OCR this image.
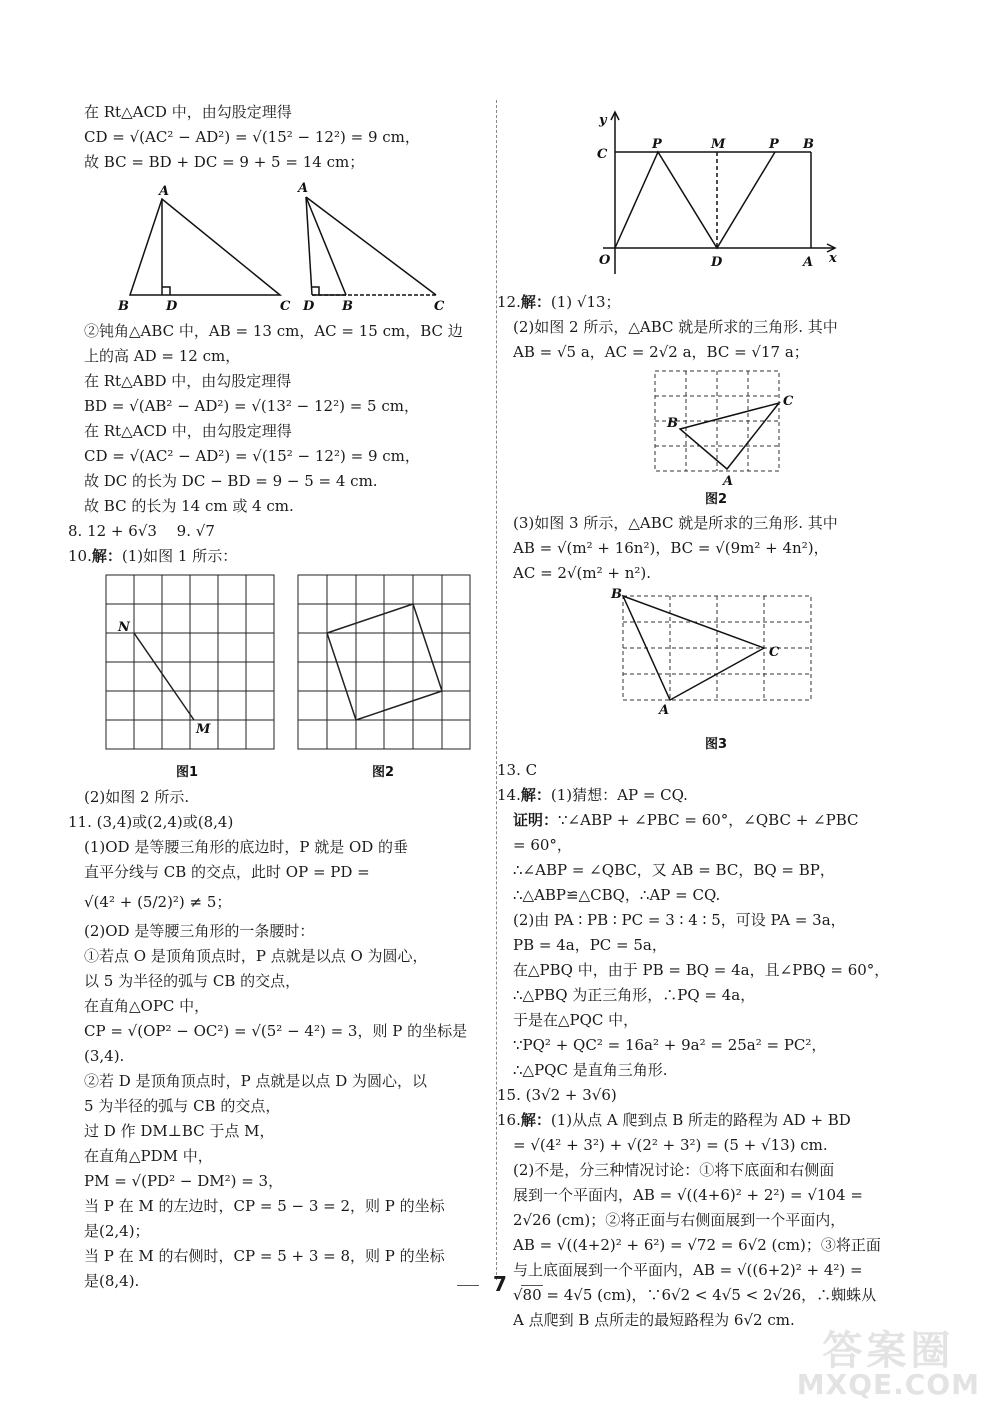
在 Rt△ACD 中，由勾股定理得
CD = √(AC² − AD²) = √(15² − 12²) = 9 cm，
故 BC = BD + DC = 9 + 5 = 14 cm；
A
B	D	C
A
D B	C
②钝角△ABC 中，AB = 13 cm，AC = 15 cm，BC 边
上的高 AD = 12 cm，
在 Rt△ABD 中，由勾股定理得
BD = √(AB² − AD²) = √(13² − 12²) = 5 cm，
在 Rt△ACD 中，由勾股定理得
CD = √(AC² − AD²) = √(15² − 12²) = 9 cm，
故 DC 的长为 DC − BD = 9 − 5 = 4 cm.
故 BC 的长为 14 cm 或 4 cm.
8. 12 + 6√3　 9. √7
10.解：(1)如图 1 所示：
N
M
图1	图2
(2)如图 2 所示.
11. (3,4)或(2,4)或(8,4)
(1)OD 是等腰三角形的底边时，P 就是 OD 的垂
直平分线与 CB 的交点，此时 OP = PD =
√(4² + (5/2)²) ≠ 5；
(2)OD 是等腰三角形的一条腰时：
①若点 O 是顶角顶点时，P 点就是以点 O 为圆心，
以 5 为半径的弧与 CB 的交点，
在直角△OPC 中，
CP = √(OP² − OC²) = √(5² − 4²) = 3，则 P 的坐标是
(3,4).
②若 D 是顶角顶点时，P 点就是以点 D 为圆心，以
5 为半径的弧与 CB 的交点，
过 D 作 DM⊥BC 于点 M，
在直角△PDM 中，
PM = √(PD² − DM²) = 3，
当 P 在 M 的左边时，CP = 5 − 3 = 2，则 P 的坐标
是(2,4)；
当 P 在 M 的右侧时，CP = 5 + 3 = 8，则 P 的坐标
是(8,4).
y
x
C
P	M	P B
O	D	A
12.解：(1) √13；
(2)如图 2 所示，△ABC 就是所求的三角形. 其中
AB = √5 a，AC = 2√2 a，BC = √17 a；
B
C
A
图2
(3)如图 3 所示，△ABC 就是所求的三角形. 其中
AB = √(m² + 16n²)，BC = √(9m² + 4n²)，
AC = 2√(m² + n²).
B
C
A
图3
13. C
14.解：(1)猜想：AP = CQ.
证明：∵∠ABP + ∠PBC = 60°，∠QBC + ∠PBC
= 60°，
∴∠ABP = ∠QBC，又 AB = BC，BQ = BP，
∴△ABP≌△CBQ，∴AP = CQ.
(2)由 PA ∶ PB ∶ PC = 3 ∶ 4 ∶ 5，可设 PA = 3a，
PB = 4a，PC = 5a，
在△PBQ 中，由于 PB = BQ = 4a，且∠PBQ = 60°，
∴△PBQ 为正三角形，∴PQ = 4a，
于是在△PQC 中，
∵PQ² + QC² = 16a² + 9a² = 25a² = PC²，
∴△PQC 是直角三角形.
15. (3√2 + 3√6)
16.解：(1)从点 A 爬到点 B 所走的路程为 AD + BD
= √(4² + 3²) + √(2² + 3²) = (5 + √13) cm.
(2)不是，分三种情况讨论：①将下底面和右侧面
展到一个平面内，AB = √((4+6)² + 2²) = √104 =
2√26 (cm)；②将正面与右侧面展到一个平面内，
AB = √((4+2)² + 6²) = √72 = 6√2 (cm)；③将正面
与上底面展到一个平面内，AB = √((6+2)² + 4²) =
√80 = 4√5 (cm)，∵6√2 < 4√5 < 2√26，∴蜘蛛从
A 点爬到 B 点所走的最短路程为 6√2 cm.
7
答案圈
MXQE.COM
